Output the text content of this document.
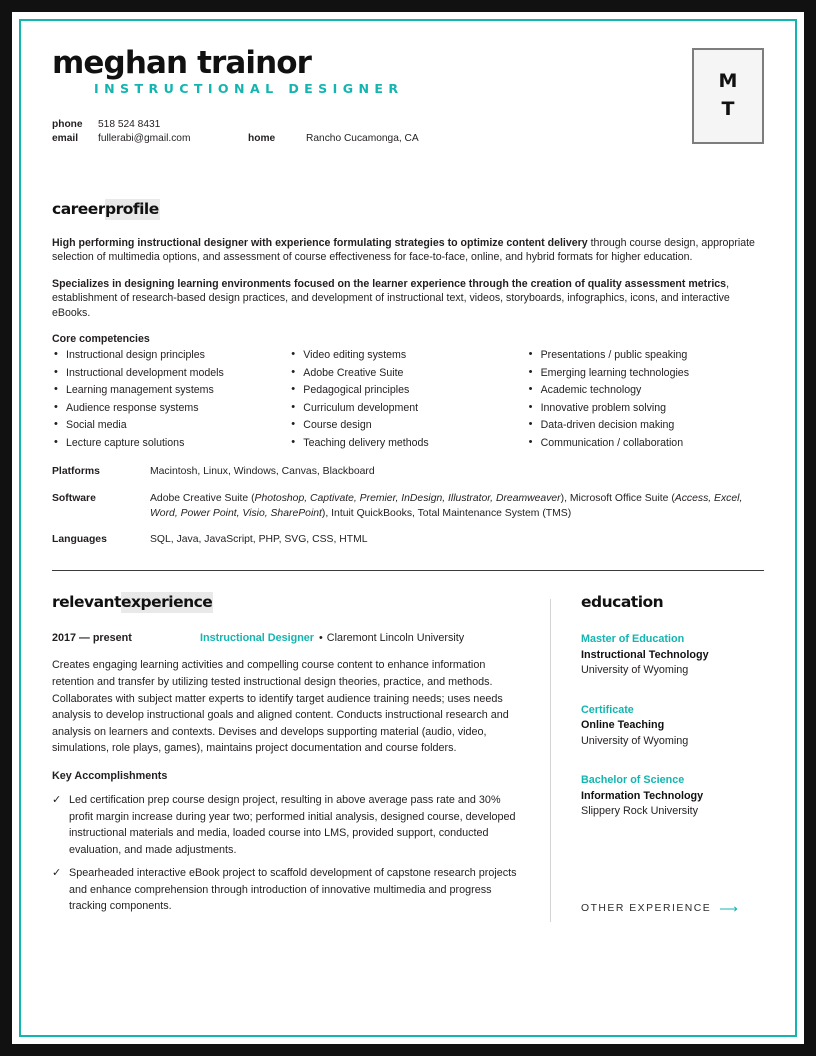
meghan trainor
INSTRUCTIONAL DESIGNER	M
T
phone	518 524 8431		
email	fullerabi@gmail.com	home	Rancho Cucamonga, CA
careerprofile

High performing instructional designer with experience formulating strategies to optimize content delivery through course design, appropriate selection of multimedia options, and assessment of course effectiveness for face-to-face, online, and hybrid formats for higher education.

Specializes in designing learning environments focused on the learner experience through the creation of quality assessment metrics, establishment of research-based design practices, and development of instructional text, videos, storyboards, infographics, icons, and interactive eBooks.

Core competencies
• Instructional design principles
• Instructional development models
• Learning management systems
• Audience response systems
• Social media
• Lecture capture solutions
• Video editing systems
• Adobe Creative Suite
• Pedagogical principles
• Curriculum development
• Course design
• Teaching delivery methods
• Presentations / public speaking
• Emerging learning technologies
• Academic technology
• Innovative problem solving
• Data-driven decision making
• Communication / collaboration
Platforms	Macintosh, Linux, Windows, Canvas, Blackboard
Software	Adobe Creative Suite (Photoshop, Captivate, Premier, InDesign, Illustrator, Dreamweaver), Microsoft Office Suite (Access, Excel, Word, Power Point, Visio, SharePoint), Intuit QuickBooks, Total Maintenance System (TMS)
Languages	SQL, Java, JavaScript, PHP, SVG, CSS, HTML
relevantexperience
2017 — present	Instructional Designer • Claremont Lincoln University
Creates engaging learning activities and compelling course content to enhance information retention and transfer by utilizing tested instructional design theories, practice, and methods. Collaborates with subject matter experts to identify target audience training needs; uses needs analysis to develop instructional goals and aligned content. Conducts instructional research and analysis on learners and contexts. Devises and develops supporting material (audio, video, simulations, role plays, games), maintains project documentation and course folders.
Key Accomplishments
✓ Led certification prep course design project, resulting in above average pass rate and 30% profit margin increase during year two; performed initial analysis, designed course, developed instructional materials and media, loaded course into LMS, provided support, conducted evaluation, and made adjustments.
✓ Spearheaded interactive eBook project to scaffold development of capstone research projects and enhance comprehension through introduction of innovative multimedia and progress tracking components.
education
Master of Education
Instructional Technology
University of Wyoming
Certificate
Online Teaching
University of Wyoming
Bachelor of Science
Information Technology
Slippery Rock University
OTHER EXPERIENCE ⟶
